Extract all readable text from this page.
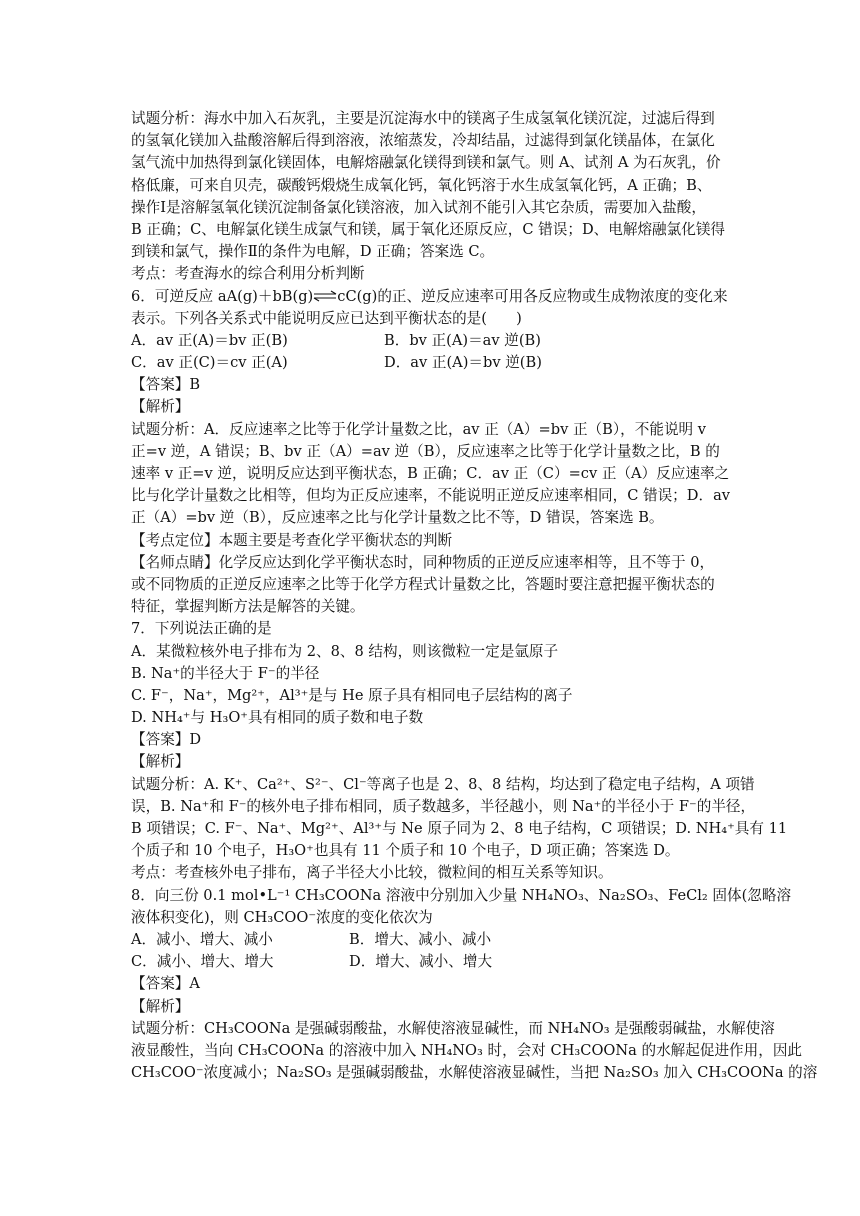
试题分析：海水中加入石灰乳，主要是沉淀海水中的镁离子生成氢氧化镁沉淀，过滤后得到
的氢氧化镁加入盐酸溶解后得到溶液，浓缩蒸发，冷却结晶，过滤得到氯化镁晶体，在氯化
氢气流中加热得到氯化镁固体，电解熔融氯化镁得到镁和氯气。则 A、试剂 A 为石灰乳，价
格低廉，可来自贝壳，碳酸钙煅烧生成氧化钙，氧化钙溶于水生成氢氧化钙，A 正确；B、
操作Ⅰ是溶解氢氧化镁沉淀制备氯化镁溶液，加入试剂不能引入其它杂质，需要加入盐酸，
B 正确；C、电解氯化镁生成氯气和镁，属于氧化还原反应，C 错误；D、电解熔融氯化镁得
到镁和氯气，操作Ⅱ的条件为电解，D 正确；答案选 C。
考点：考查海水的综合利用分析判断
6．可逆反应 aA(g)＋bB(g)⇌cC(g)的正、逆反应速率可用各反应物或生成物浓度的变化来
表示。下列各关系式中能说明反应已达到平衡状态的是(　　)
A．av 正(A)＝bv 正(B)	B．bv 正(A)＝av 逆(B)
C．av 正(C)＝cv 正(A)	D．av 正(A)＝bv 逆(B)
【答案】B
【解析】
试题分析：A．反应速率之比等于化学计量数之比，av 正（A）=bv 正（B），不能说明 v
正=v 逆，A 错误；B、bv 正（A）=av 逆（B），反应速率之比等于化学计量数之比，B 的
速率 v 正=v 逆，说明反应达到平衡状态，B 正确；C．av 正（C）=cv 正（A）反应速率之
比与化学计量数之比相等，但均为正反应速率，不能说明正逆反应速率相同，C 错误；D．av
正（A）=bv 逆（B），反应速率之比与化学计量数之比不等，D 错误，答案选 B。
【考点定位】本题主要是考查化学平衡状态的判断
【名师点睛】化学反应达到化学平衡状态时，同种物质的正逆反应速率相等，且不等于 0，
或不同物质的正逆反应速率之比等于化学方程式计量数之比，答题时要注意把握平衡状态的
特征，掌握判断方法是解答的关键。
7．下列说法正确的是
A．某微粒核外电子排布为 2、8、8 结构，则该微粒一定是氩原子
B. Na⁺的半径大于 F⁻的半径
C. F⁻，Na⁺，Mg²⁺，Al³⁺是与 He 原子具有相同电子层结构的离子
D. NH₄⁺与 H₃O⁺具有相同的质子数和电子数
【答案】D
【解析】
试题分析：A. K⁺、Ca²⁺、S²⁻、Cl⁻等离子也是 2、8、8 结构，均达到了稳定电子结构，A 项错
误，B. Na⁺和 F⁻的核外电子排布相同，质子数越多，半径越小，则 Na⁺的半径小于 F⁻的半径，
B 项错误；C. F⁻、Na⁺、Mg²⁺、Al³⁺与 Ne 原子同为 2、8 电子结构，C 项错误；D. NH₄⁺具有 11
个质子和 10 个电子，H₃O⁺也具有 11 个质子和 10 个电子，D 项正确；答案选 D。
考点：考查核外电子排布，离子半径大小比较，微粒间的相互关系等知识。
8．向三份 0.1 mol•L⁻¹ CH₃COONa 溶液中分别加入少量 NH₄NO₃、Na₂SO₃、FeCl₂ 固体(忽略溶
液体积变化)，则 CH₃COO⁻浓度的变化依次为
A．减小、增大、减小	B．增大、减小、减小
C．减小、增大、增大	D．增大、减小、增大
【答案】A
【解析】
试题分析：CH₃COONa 是强碱弱酸盐，水解使溶液显碱性，而 NH₄NO₃ 是强酸弱碱盐，水解使溶
液显酸性，当向 CH₃COONa 的溶液中加入 NH₄NO₃ 时，会对 CH₃COONa 的水解起促进作用，因此
CH₃COO⁻浓度减小；Na₂SO₃ 是强碱弱酸盐，水解使溶液显碱性，当把 Na₂SO₃ 加入 CH₃COONa 的溶
